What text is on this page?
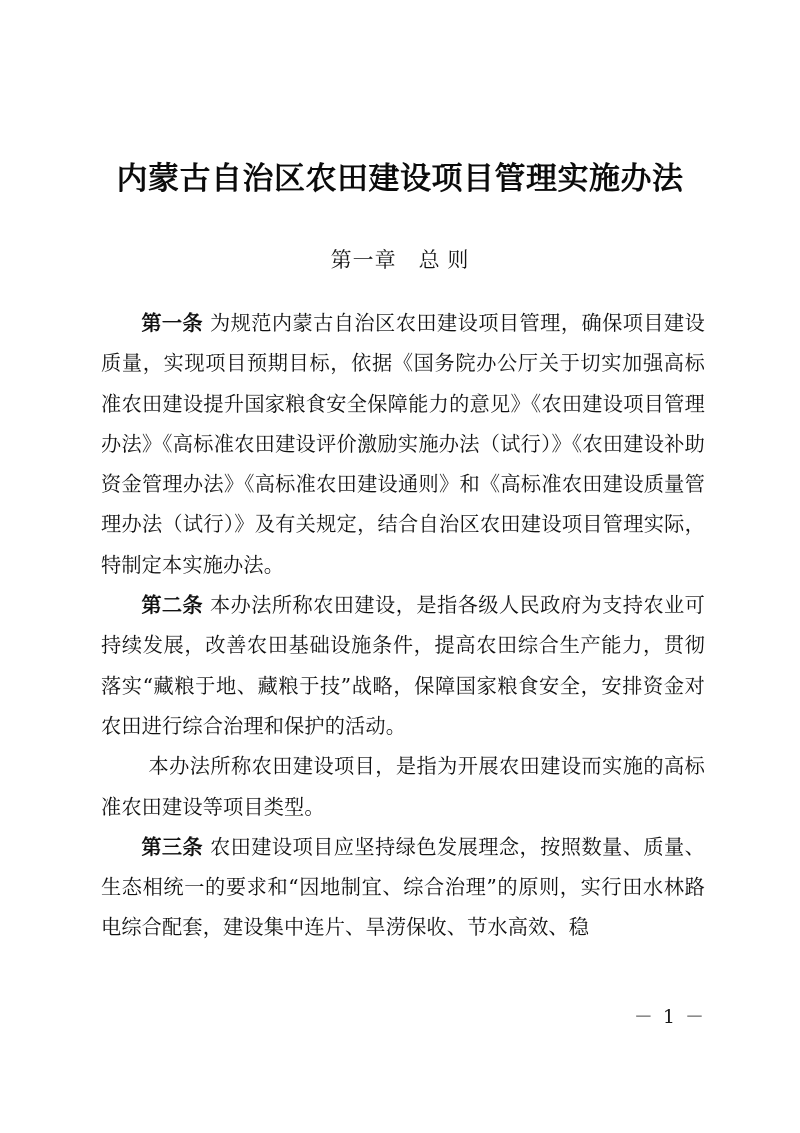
内蒙古自治区农田建设项目管理实施办法
第一章　总 则

第一条 为规范内蒙古自治区农田建设项目管理，确保项目建设质量，实现项目预期目标，依据《国务院办公厅关于切实加强高标准农田建设提升国家粮食安全保障能力的意见》《农田建设项目管理办法》《高标准农田建设评价激励实施办法（试行）》《农田建设补助资金管理办法》《高标准农田建设通则》和《高标准农田建设质量管理办法（试行）》及有关规定，结合自治区农田建设项目管理实际，特制定本实施办法。

第二条 本办法所称农田建设，是指各级人民政府为支持农业可持续发展，改善农田基础设施条件，提高农田综合生产能力，贯彻落实“藏粮于地、藏粮于技”战略，保障国家粮食安全，安排资金对农田进行综合治理和保护的活动。

本办法所称农田建设项目，是指为开展农田建设而实施的高标准农田建设等项目类型。

第三条 农田建设项目应坚持绿色发展理念，按照数量、质量、生态相统一的要求和“因地制宜、综合治理”的原则，实行田水林路电综合配套，建设集中连片、旱涝保收、节水高效、稳

－ 1 －
